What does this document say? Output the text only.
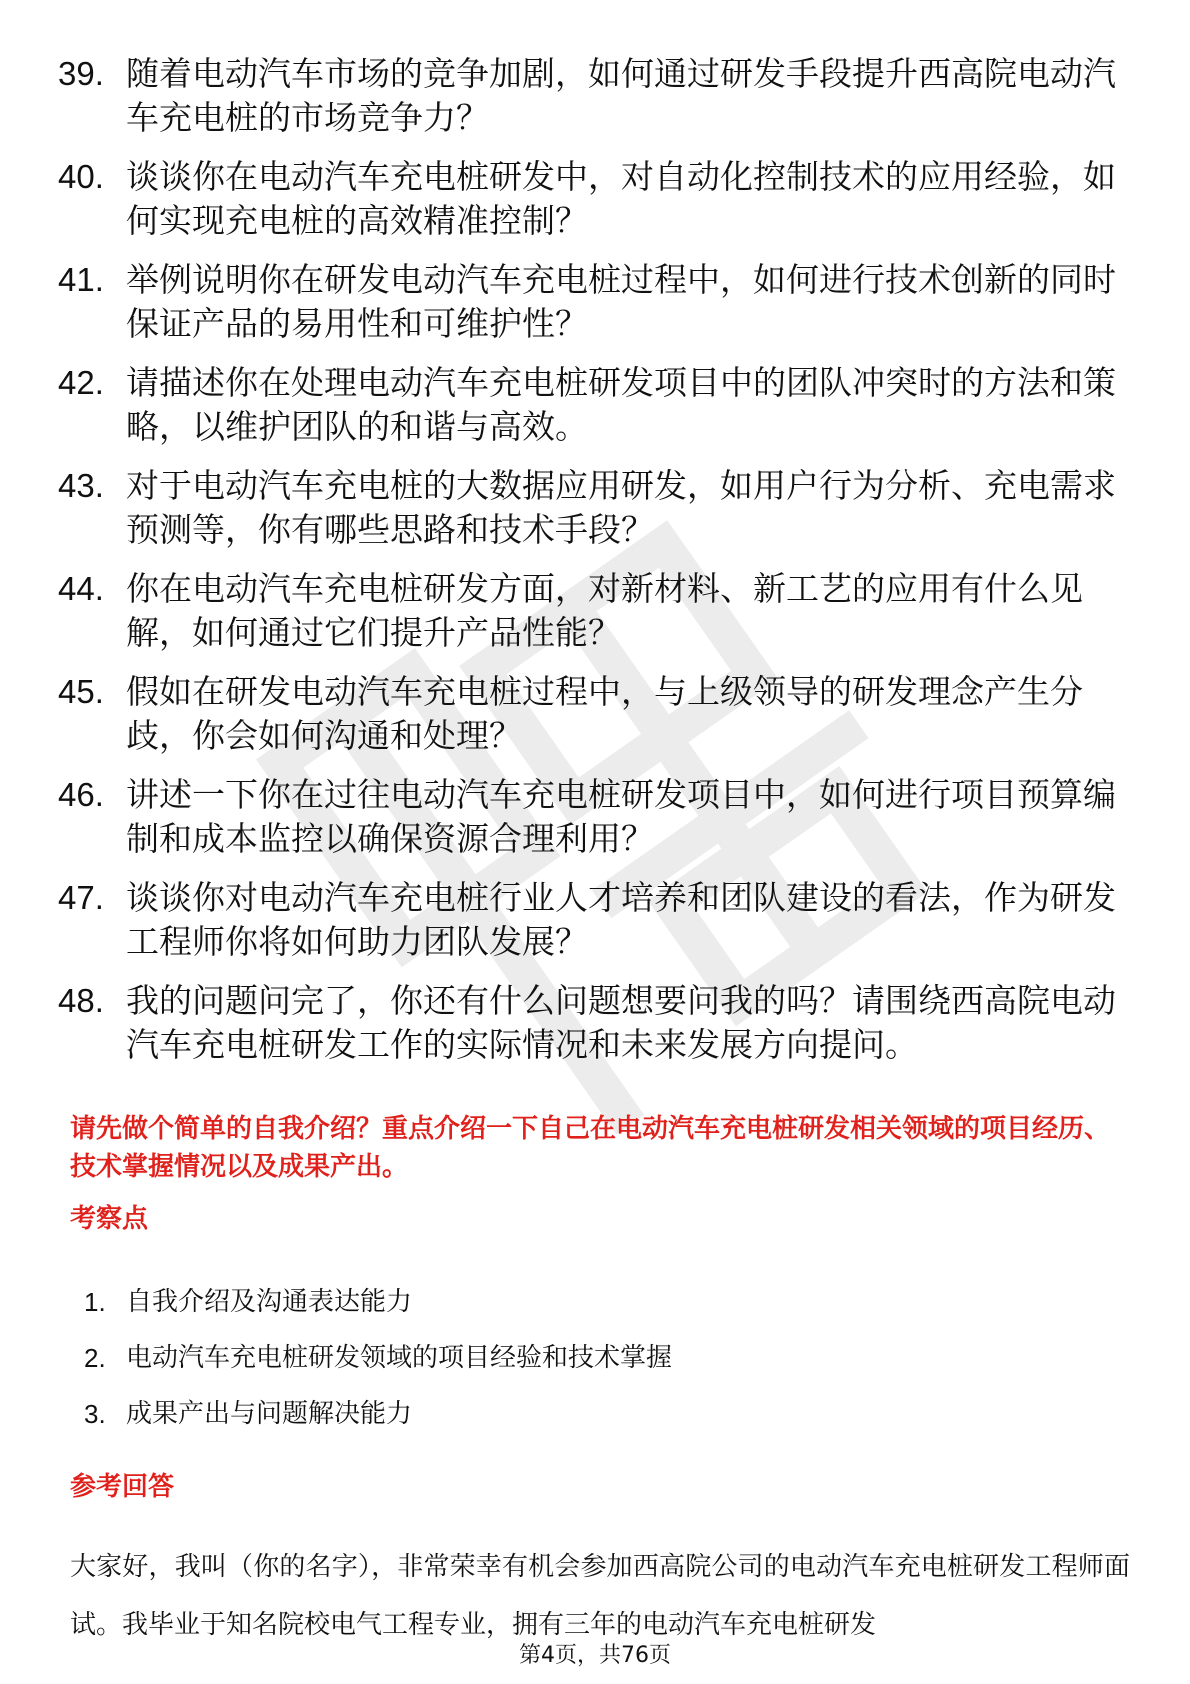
39. 随着电动汽车市场的竞争加剧，如何通过研发手段提升西高院电动汽车充电桩的市场竞争力？
40. 谈谈你在电动汽车充电桩研发中，对自动化控制技术的应用经验，如何实现充电桩的高效精准控制？
41. 举例说明你在研发电动汽车充电桩过程中，如何进行技术创新的同时保证产品的易用性和可维护性？
42. 请描述你在处理电动汽车充电桩研发项目中的团队冲突时的方法和策略，以维护团队的和谐与高效。
43. 对于电动汽车充电桩的大数据应用研发，如用户行为分析、充电需求预测等，你有哪些思路和技术手段？
44. 你在电动汽车充电桩研发方面，对新材料、新工艺的应用有什么见解，如何通过它们提升产品性能？
45. 假如在研发电动汽车充电桩过程中，与上级领导的研发理念产生分歧，你会如何沟通和处理？
46. 讲述一下你在过往电动汽车充电桩研发项目中，如何进行项目预算编制和成本监控以确保资源合理利用？
47. 谈谈你对电动汽车充电桩行业人才培养和团队建设的看法，作为研发工程师你将如何助力团队发展？
48. 我的问题问完了，你还有什么问题想要问我的吗？请围绕西高院电动汽车充电桩研发工作的实际情况和未来发展方向提问。
请先做个简单的自我介绍？重点介绍一下自己在电动汽车充电桩研发相关领域的项目经历、技术掌握情况以及成果产出。
考察点
1. 自我介绍及沟通表达能力
2. 电动汽车充电桩研发领域的项目经验和技术掌握
3. 成果产出与问题解决能力
参考回答
大家好，我叫（你的名字），非常荣幸有机会参加西高院公司的电动汽车充电桩研发工程师面试。我毕业于知名院校电气工程专业，拥有三年的电动汽车充电桩研发
第4页，共76页
